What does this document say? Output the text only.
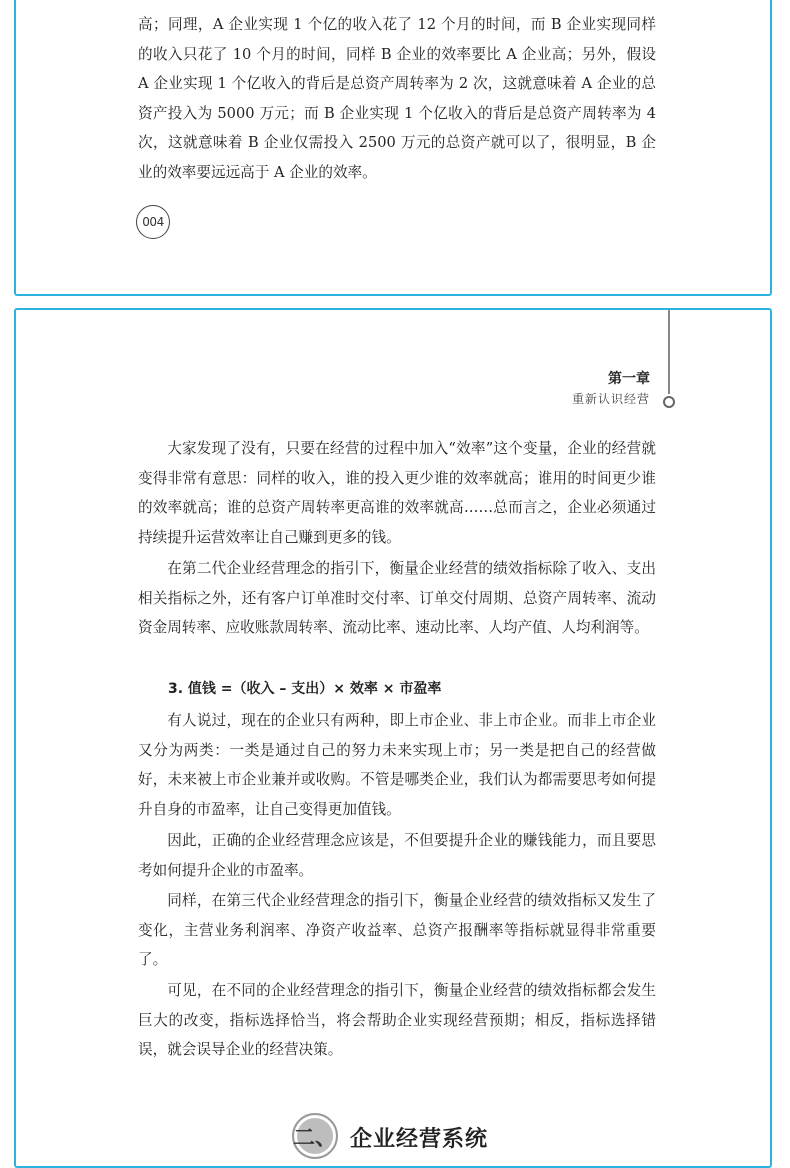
高；同理，A 企业实现 1 个亿的收入花了 12 个月的时间，而 B 企业实现同样的收入只花了 10 个月的时间，同样 B 企业的效率要比 A 企业高；另外，假设 A 企业实现 1 个亿收入的背后是总资产周转率为 2 次，这就意味着 A 企业的总资产投入为 5000 万元；而 B 企业实现 1 个亿收入的背后是总资产周转率为 4 次，这就意味着 B 企业仅需投入 2500 万元的总资产就可以了，很明显，B 企业的效率要远远高于 A 企业的效率。

004
第一章
重新认识经营

大家发现了没有，只要在经营的过程中加入“效率”这个变量，企业的经营就变得非常有意思：同样的收入，谁的投入更少谁的效率就高；谁用的时间更少谁的效率就高；谁的总资产周转率更高谁的效率就高……总而言之，企业必须通过持续提升运营效率让自己赚到更多的钱。

在第二代企业经营理念的指引下，衡量企业经营的绩效指标除了收入、支出相关指标之外，还有客户订单准时交付率、订单交付周期、总资产周转率、流动资金周转率、应收账款周转率、流动比率、速动比率、人均产值、人均利润等。

3. 值钱 =（收入 – 支出）× 效率 × 市盈率

有人说过，现在的企业只有两种，即上市企业、非上市企业。而非上市企业又分为两类：一类是通过自己的努力未来实现上市；另一类是把自己的经营做好，未来被上市企业兼并或收购。不管是哪类企业，我们认为都需要思考如何提升自身的市盈率，让自己变得更加值钱。

因此，正确的企业经营理念应该是，不但要提升企业的赚钱能力，而且要思考如何提升企业的市盈率。

同样，在第三代企业经营理念的指引下，衡量企业经营的绩效指标又发生了变化，主营业务利润率、净资产收益率、总资产报酬率等指标就显得非常重要了。

可见，在不同的企业经营理念的指引下，衡量企业经营的绩效指标都会发生巨大的改变，指标选择恰当，将会帮助企业实现经营预期；相反，指标选择错误，就会误导企业的经营决策。

二、 企业经营系统
